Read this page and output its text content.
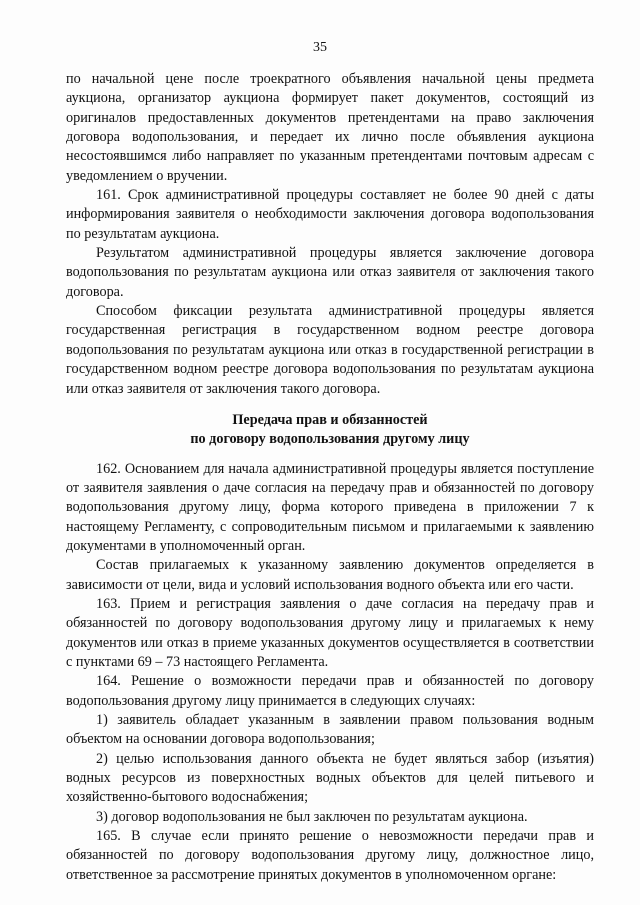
35

по начальной цене после троекратного объявления начальной цены предмета аукциона, организатор аукциона формирует пакет документов, состоящий из оригиналов предоставленных документов претендентами на право заключения договора водопользования, и передает их лично после объявления аукциона несостоявшимся либо направляет по указанным претендентами почтовым адресам с уведомлением о вручении.

161. Срок административной процедуры составляет не более 90 дней с даты информирования заявителя о необходимости заключения договора водопользования по результатам аукциона.

Результатом административной процедуры является заключение договора водопользования по результатам аукциона или отказ заявителя от заключения такого договора.

Способом фиксации результата административной процедуры является государственная регистрация в государственном водном реестре договора водопользования по результатам аукциона или отказ в государственной регистрации в государственном водном реестре договора водопользования по результатам аукциона или отказ заявителя от заключения такого договора.

Передача прав и обязанностей
по договору водопользования другому лицу

162. Основанием для начала административной процедуры является поступление от заявителя заявления о даче согласия на передачу прав и обязанностей по договору водопользования другому лицу, форма которого приведена в приложении 7 к настоящему Регламенту, с сопроводительным письмом и прилагаемыми к заявлению документами в уполномоченный орган.

Состав прилагаемых к указанному заявлению документов определяется в зависимости от цели, вида и условий использования водного объекта или его части.

163. Прием и регистрация заявления о даче согласия на передачу прав и обязанностей по договору водопользования другому лицу и прилагаемых к нему документов или отказ в приеме указанных документов осуществляется в соответствии с пунктами 69 – 73 настоящего Регламента.

164. Решение о возможности передачи прав и обязанностей по договору водопользования другому лицу принимается в следующих случаях:

1) заявитель обладает указанным в заявлении правом пользования водным объектом на основании договора водопользования;

2) целью использования данного объекта не будет являться забор (изъятия) водных ресурсов из поверхностных водных объектов для целей питьевого и хозяйственно-бытового водоснабжения;

3) договор водопользования не был заключен по результатам аукциона.

165. В случае если принято решение о невозможности передачи прав и обязанностей по договору водопользования другому лицу, должностное лицо, ответственное за рассмотрение принятых документов в уполномоченном органе:
